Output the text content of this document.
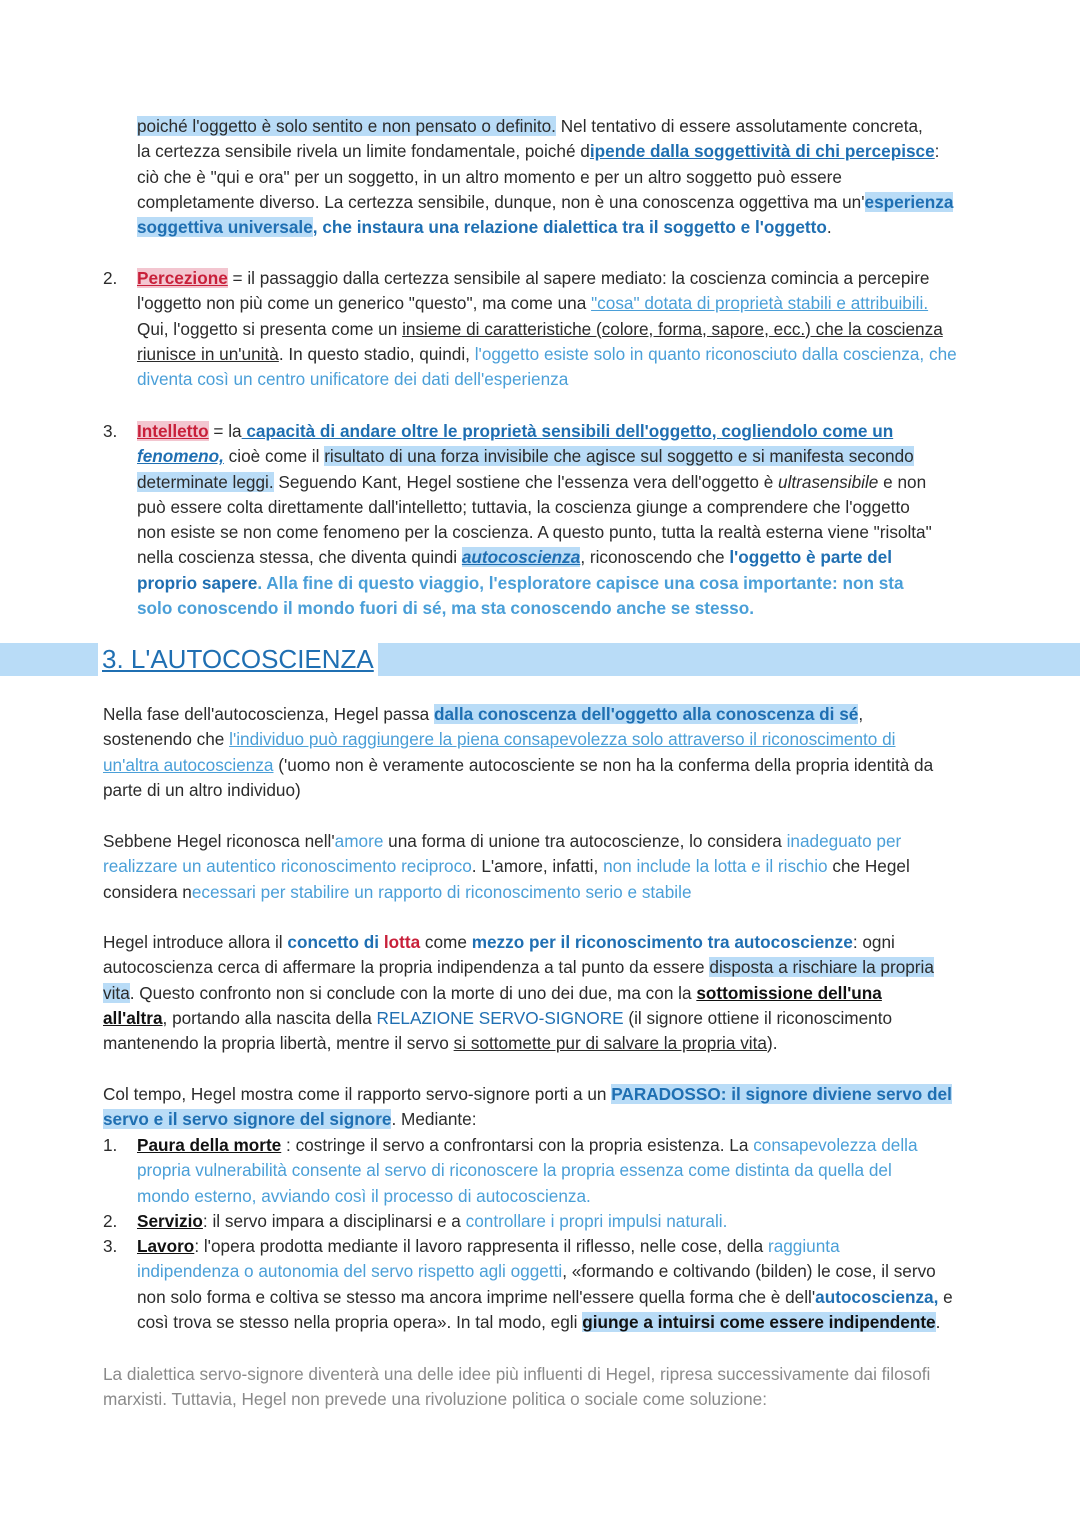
poiché l'oggetto è solo sentito e non pensato o definito. Nel tentativo di essere assolutamente concreta,

la certezza sensibile rivela un limite fondamentale, poiché dipende dalla soggettività di chi percepisce:

ciò che è "qui e ora" per un soggetto, in un altro momento e per un altro soggetto può essere

completamente diverso. La certezza sensibile, dunque, non è una conoscenza oggettiva ma un'esperienza

soggettiva universale, che instaura una relazione dialettica tra il soggetto e l'oggetto.

2. Percezione = il passaggio dalla certezza sensibile al sapere mediato: la coscienza comincia a percepire

l'oggetto non più come un generico "questo", ma come una "cosa" dotata di proprietà stabili e attribuibili.

Qui, l'oggetto si presenta come un insieme di caratteristiche (colore, forma, sapore, ecc.) che la coscienza

riunisce in un'unità. In questo stadio, quindi, l'oggetto esiste solo in quanto riconosciuto dalla coscienza, che

diventa così un centro unificatore dei dati dell'esperienza

3. Intelletto = la capacità di andare oltre le proprietà sensibili dell'oggetto, cogliendolo come un

fenomeno, cioè come il risultato di una forza invisibile che agisce sul soggetto e si manifesta secondo

determinate leggi. Seguendo Kant, Hegel sostiene che l'essenza vera dell'oggetto è ultrasensibile e non

può essere colta direttamente dall'intelletto; tuttavia, la coscienza giunge a comprendere che l'oggetto

non esiste se non come fenomeno per la coscienza. A questo punto, tutta la realtà esterna viene "risolta"

nella coscienza stessa, che diventa quindi autocoscienza, riconoscendo che l'oggetto è parte del

proprio sapere. Alla fine di questo viaggio, l'esploratore capisce una cosa importante: non sta

solo conoscendo il mondo fuori di sé, ma sta conoscendo anche se stesso.

3. L'AUTOCOSCIENZA

Nella fase dell'autocoscienza, Hegel passa dalla conoscenza dell'oggetto alla conoscenza di sé,

sostenendo che l'individuo può raggiungere la piena consapevolezza solo attraverso il riconoscimento di

un'altra autocoscienza ('uomo non è veramente autocosciente se non ha la conferma della propria identità da

parte di un altro individuo)

Sebbene Hegel riconosca nell'amore una forma di unione tra autocoscienze, lo considera inadeguato per

realizzare un autentico riconoscimento reciproco. L'amore, infatti, non include la lotta e il rischio che Hegel

considera necessari per stabilire un rapporto di riconoscimento serio e stabile

Hegel introduce allora il concetto di lotta come mezzo per il riconoscimento tra autocoscienze: ogni

autocoscienza cerca di affermare la propria indipendenza a tal punto da essere disposta a rischiare la propria

vita. Questo confronto non si conclude con la morte di uno dei due, ma con la sottomissione dell'una

all'altra, portando alla nascita della RELAZIONE SERVO-SIGNORE (il signore ottiene il riconoscimento

mantenendo la propria libertà, mentre il servo si sottomette pur di salvare la propria vita).

Col tempo, Hegel mostra come il rapporto servo-signore porti a un PARADOSSO: il signore diviene servo del

servo e il servo signore del signore. Mediante:

1. Paura della morte : costringe il servo a confrontarsi con la propria esistenza. La consapevolezza della

propria vulnerabilità consente al servo di riconoscere la propria essenza come distinta da quella del

mondo esterno, avviando così il processo di autocoscienza.

2. Servizio: il servo impara a disciplinarsi e a controllare i propri impulsi naturali.

3. Lavoro: l'opera prodotta mediante il lavoro rappresenta il riflesso, nelle cose, della raggiunta

indipendenza o autonomia del servo rispetto agli oggetti, «formando e coltivando (bilden) le cose, il servo

non solo forma e coltiva se stesso ma ancora imprime nell'essere quella forma che è dell'autocoscienza, e

così trova se stesso nella propria opera». In tal modo, egli giunge a intuirsi come essere indipendente.

La dialettica servo-signore diventerà una delle idee più influenti di Hegel, ripresa successivamente dai filosofi

marxisti. Tuttavia, Hegel non prevede una rivoluzione politica o sociale come soluzione:
